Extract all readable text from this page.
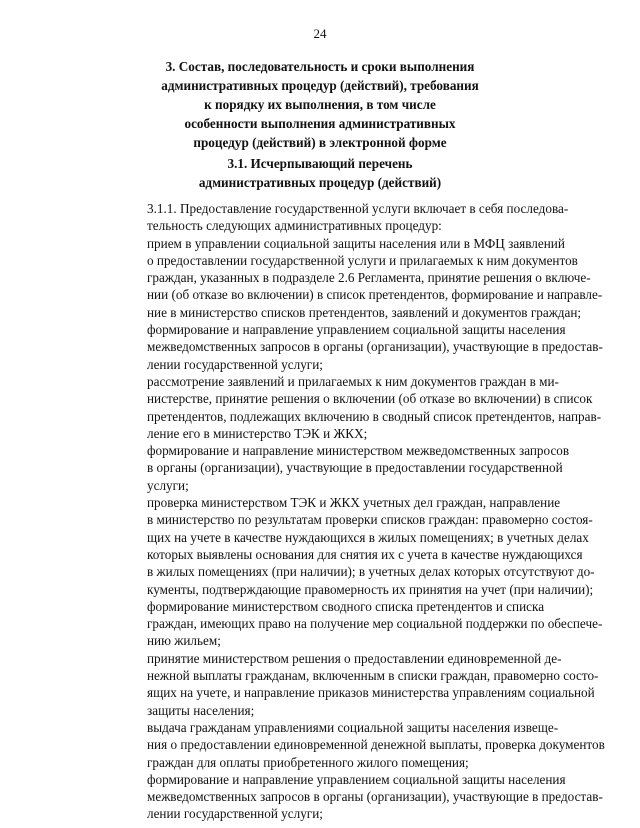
24
3. Состав, последовательность и сроки выполнения
административных процедур (действий), требования
к порядку их выполнения, в том числе
особенности выполнения административных
процедур (действий) в электронной форме
3.1. Исчерпывающий перечень
административных процедур (действий)

3.1.1. Предоставление государственной услуги включает в себя последова-
тельность следующих административных процедур:

прием в управлении социальной защиты населения или в МФЦ заявлений
о предоставлении государственной услуги и прилагаемых к ним документов
граждан, указанных в подразделе 2.6 Регламента, принятие решения о включе-
нии (об отказе во включении) в список претендентов, формирование и направле-
ние в министерство списков претендентов, заявлений и документов граждан;

формирование и направление управлением социальной защиты населения
межведомственных запросов в органы (организации), участвующие в предостав-
лении государственной услуги;

рассмотрение заявлений и прилагаемых к ним документов граждан в ми-
нистерстве, принятие решения о включении (об отказе во включении) в список
претендентов, подлежащих включению в сводный список претендентов, направ-
ление его в министерство ТЭК и ЖКХ;

формирование и направление министерством межведомственных запросов
в органы (организации), участвующие в предоставлении государственной
услуги;

проверка министерством ТЭК и ЖКХ учетных дел граждан, направление
в министерство по результатам проверки списков граждан: правомерно состоя-
щих на учете в качестве нуждающихся в жилых помещениях; в учетных делах
которых выявлены основания для снятия их с учета в качестве нуждающихся
в жилых помещениях (при наличии); в учетных делах которых отсутствуют до-
кументы, подтверждающие правомерность их принятия на учет (при наличии);

формирование министерством сводного списка претендентов и списка
граждан, имеющих право на получение мер социальной поддержки по обеспече-
нию жильем;

принятие министерством решения о предоставлении единовременной де-
нежной выплаты гражданам, включенным в списки граждан, правомерно состо-
ящих на учете, и направление приказов министерства управлениям социальной
защиты населения;

выдача гражданам управлениями социальной защиты населения извеще-
ния о предоставлении единовременной денежной выплаты, проверка документов
граждан для оплаты приобретенного жилого помещения;

формирование и направление управлением социальной защиты населения
межведомственных запросов в органы (организации), участвующие в предостав-
лении государственной услуги;
